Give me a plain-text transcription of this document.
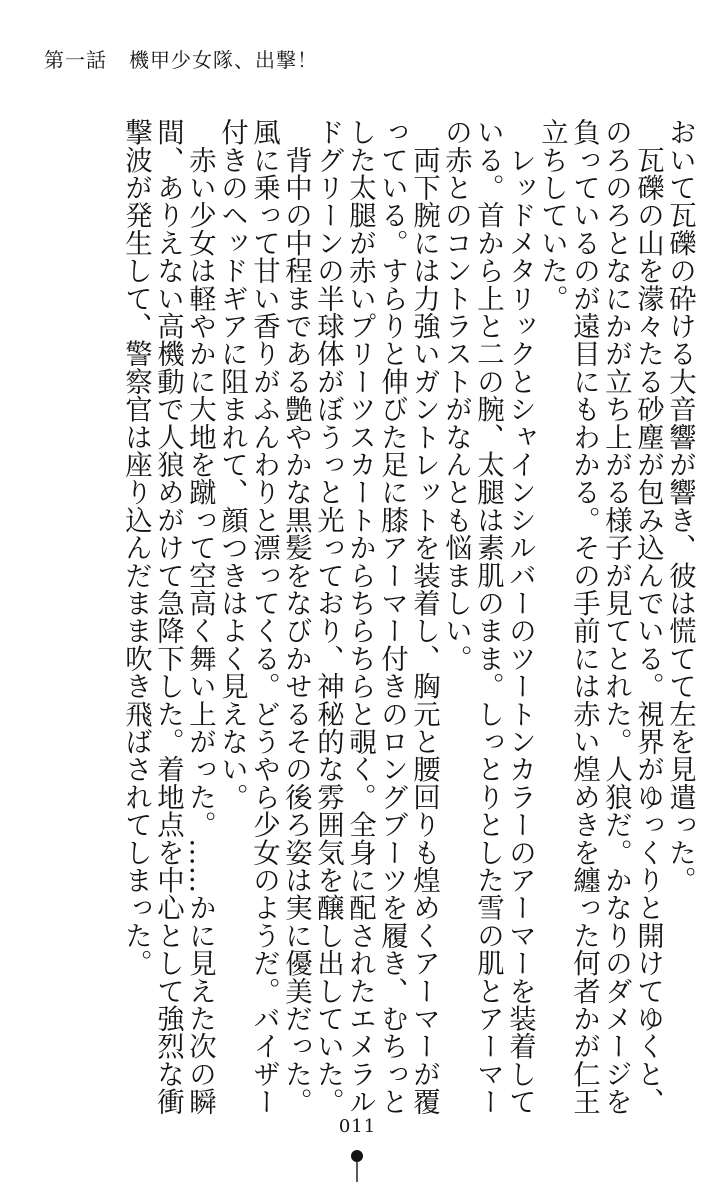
第一話 機甲少女隊、出撃！

おいて瓦礫の砕ける大音響が響き、彼は慌てて左を見遣った。

　瓦礫の山を濛々たる砂塵が包み込んでいる。視界がゆっくりと開けてゆくと、のろのろとなにかが立ち上がる様子が見てとれた。人狼だ。かなりのダメージを負っているのが遠目にもわかる。その手前には赤い煌めきを纏った何者かが仁王立ちしていた。

　レッドメタリックとシャインシルバーのツートンカラーのアーマーを装着している。首から上と二の腕、太腿は素肌のまま。しっとりとした雪の肌とアーマーの赤とのコントラストがなんとも悩ましい。

　両下腕には力強いガントレットを装着し、胸元と腰回りも煌めくアーマーが覆っている。すらりと伸びた足に膝アーマー付きのロングブーツを履き、むちっとした太腿が赤いプリーツスカートからちらちらと覗く。全身に配されたエメラルドグリーンの半球体がぼうっと光っており、神秘的な雰囲気を醸し出していた。

　背中の中程まである艶やかな黒髪をなびかせるその後ろ姿は実に優美だった。風に乗って甘い香りがふんわりと漂ってくる。どうやら少女のようだ。バイザー付きのヘッドギアに阻まれて、顔つきはよく見えない。

　赤い少女は軽やかに大地を蹴って空高く舞い上がった。……かに見えた次の瞬間、ありえない高機動で人狼めがけて急降下した。着地点を中心として強烈な衝撃波が発生して、警察官は座り込んだまま吹き飛ばされてしまった。

011
